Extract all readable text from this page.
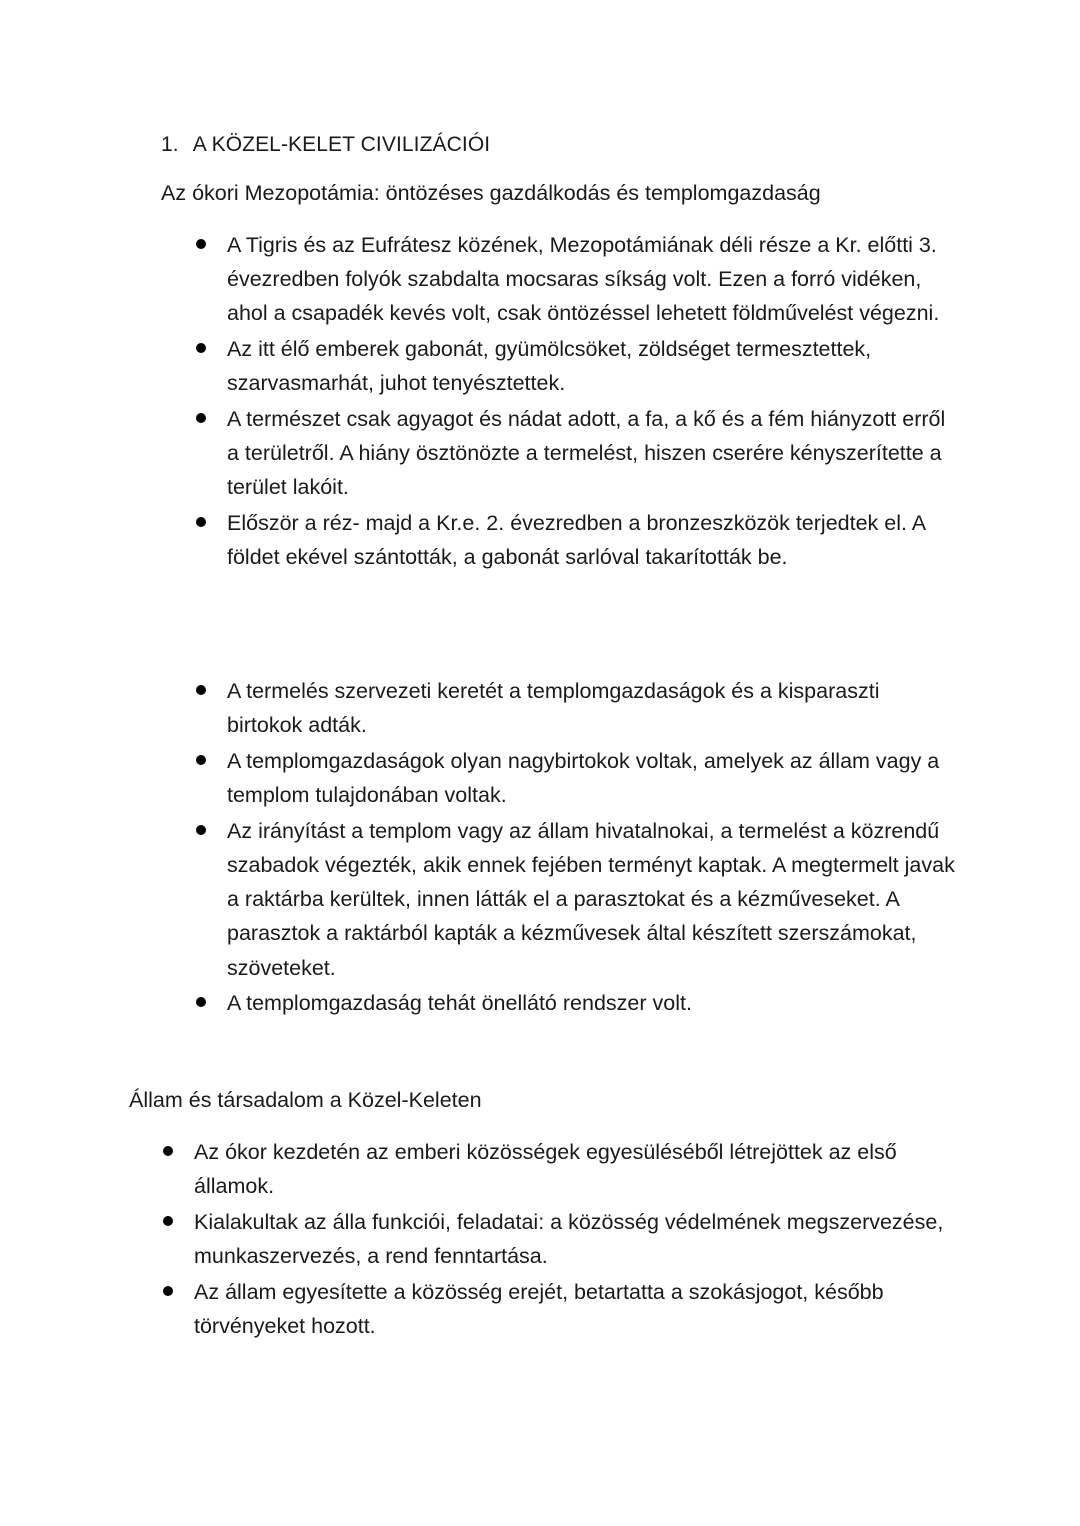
1. A KÖZEL-KELET CIVILIZÁCIÓI
Az ókori Mezopotámia: öntözéses gazdálkodás és templomgazdaság
A Tigris és az Eufrátesz közének, Mezopotámiának déli része a Kr. előtti 3. évezredben folyók szabdalta mocsaras síkság volt. Ezen a forró vidéken, ahol a csapadék kevés volt, csak öntözéssel lehetett földművelést végezni.
Az itt élő emberek gabonát, gyümölcsöket, zöldséget termesztettek, szarvasmarhát, juhot tenyésztettek.
A természet csak agyagot és nádat adott, a fa, a kő és a fém hiányzott erről a területről. A hiány ösztönözte a termelést, hiszen cserére kényszerítette a terület lakóit.
Először a réz- majd a Kr.e. 2. évezredben a bronzeszközök terjedtek el. A földet ekével szántották, a gabonát sarlóval takarították be.
A termelés szervezeti keretét a templomgazdaságok és a kisparaszti birtokok adták.
A templomgazdaságok olyan nagybirtokok voltak, amelyek az állam vagy a templom tulajdonában voltak.
Az irányítást a templom vagy az állam hivatalnokai, a termelést a közrendű szabadok végezték, akik ennek fejében terményt kaptak. A megtermelt javak a raktárba kerültek, innen látták el a parasztokat és a kézműveseket. A parasztok a raktárból kapták a kézművesek által készített szerszámokat, szöveteket.
A templomgazdaság tehát önellátó rendszer volt.
Állam és társadalom a Közel-Keleten
Az ókor kezdetén az emberi közösségek egyesüléséből létrejöttek az első államok.
Kialakultak az álla funkciói, feladatai: a közösség védelmének megszervezése, munkaszervezés, a rend fenntartása.
Az állam egyesítette a közösség erejét, betartatta a szokásjogot, később törvényeket hozott.
